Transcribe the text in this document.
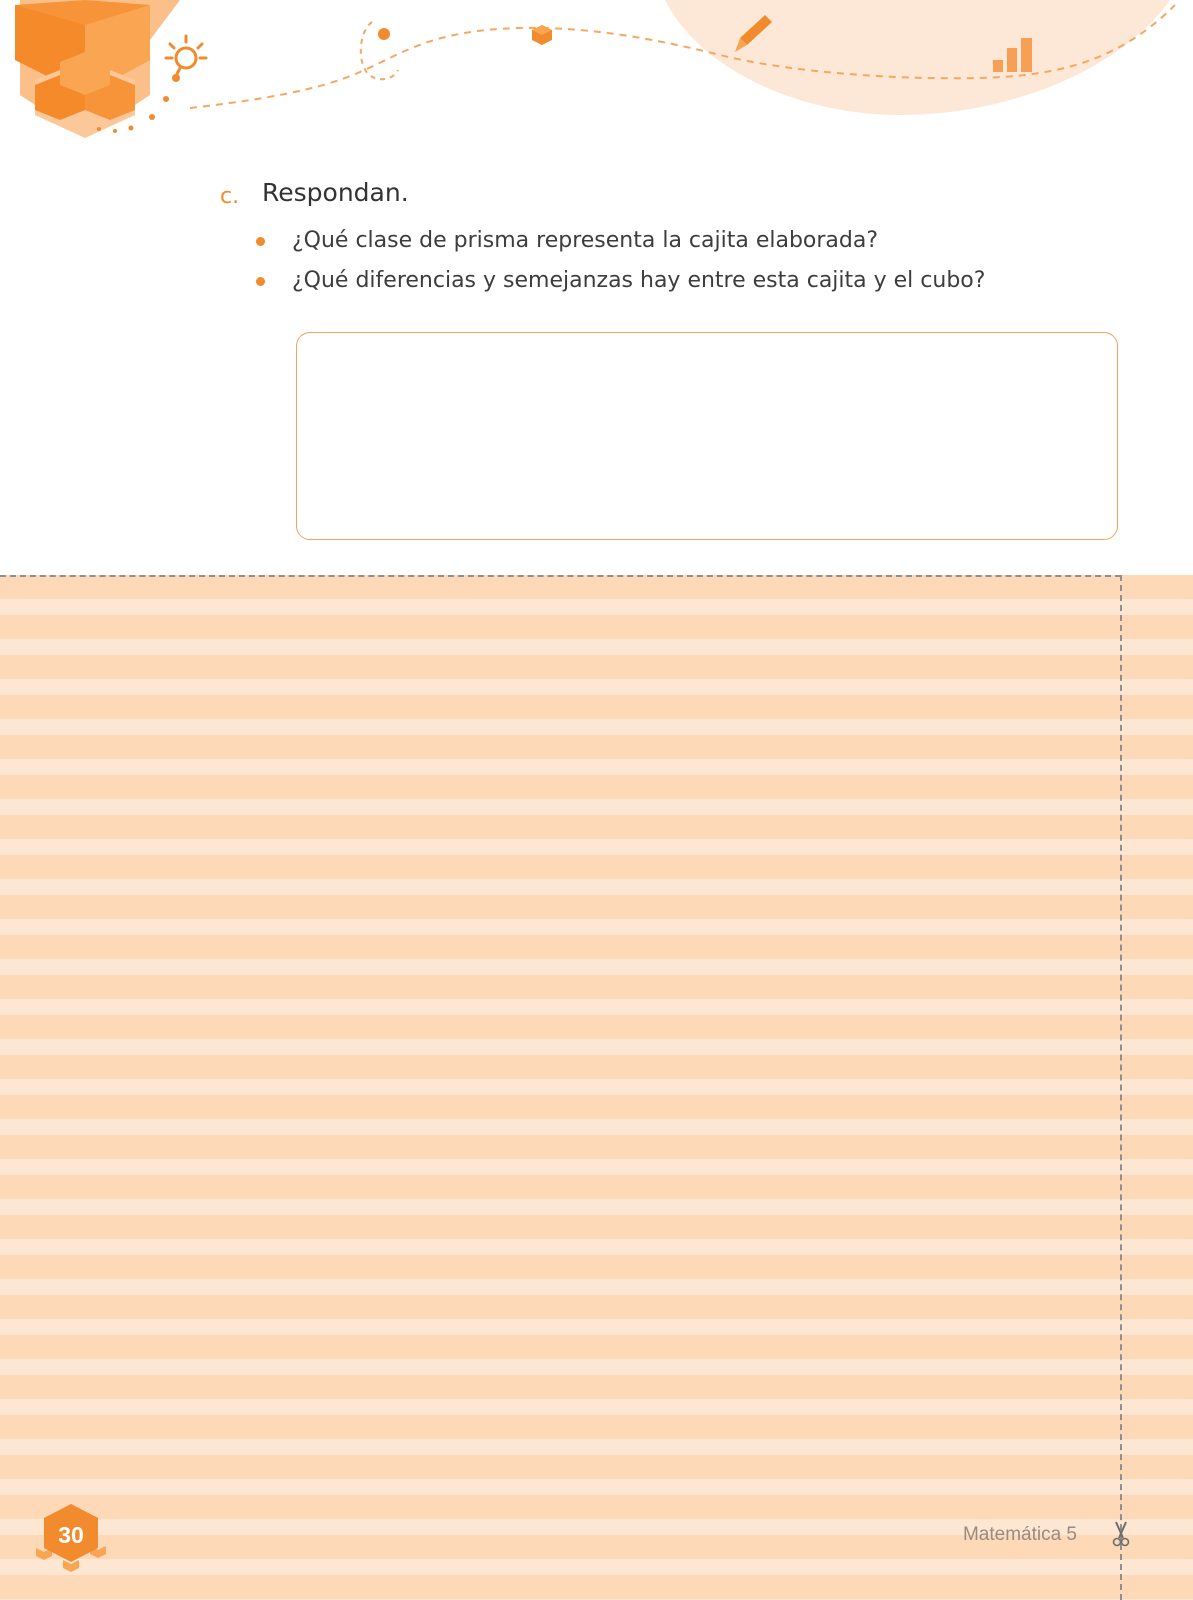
c. Respondan.
¿Qué clase de prisma representa la cajita elaborada?
¿Qué diferencias y semejanzas hay entre esta cajita y el cubo?
30	Matemática 5
